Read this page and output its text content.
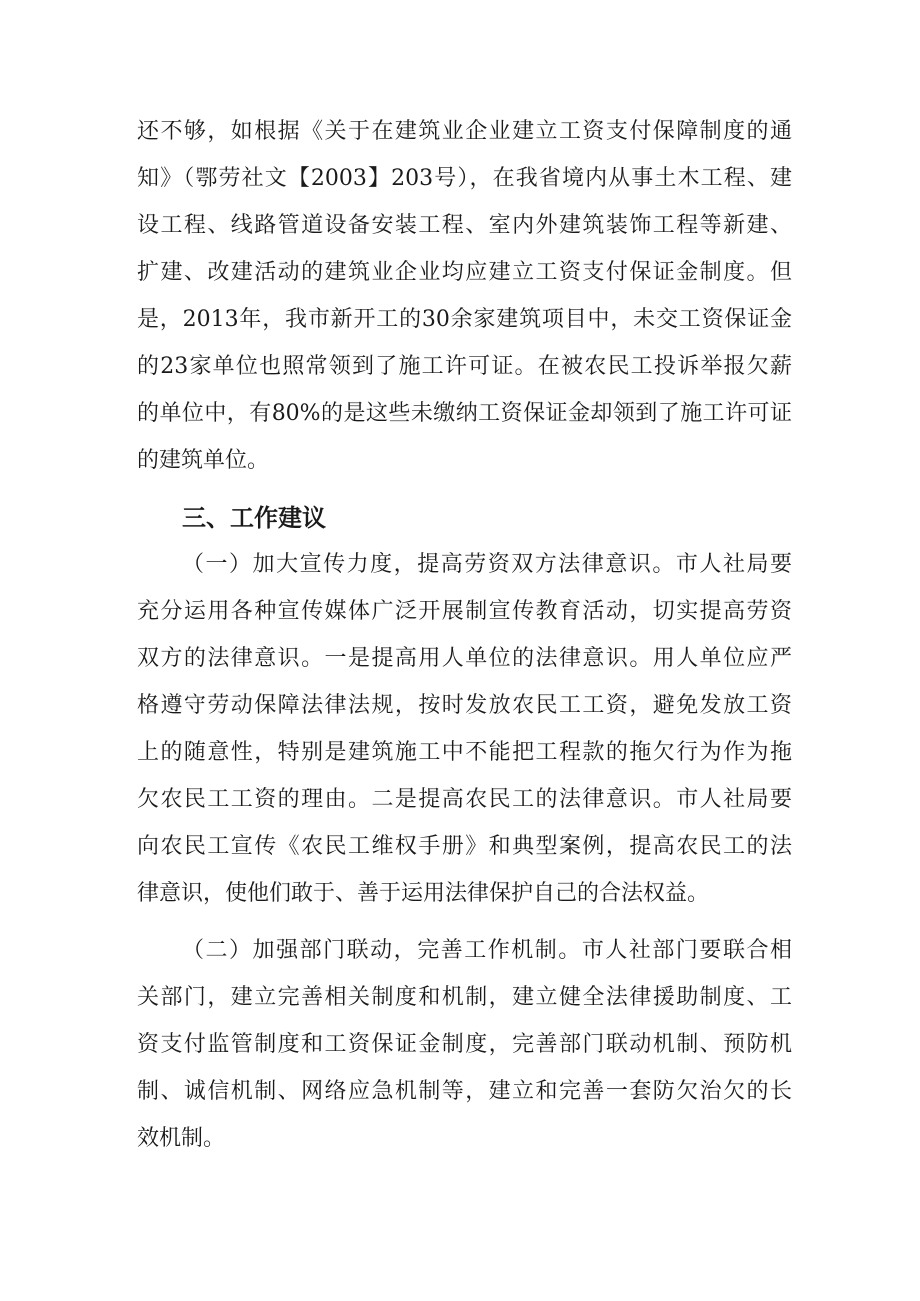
还不够，如根据《关于在建筑业企业建立工资支付保障制度的通
知》（鄂劳社文【2003】203号），在我省境内从事土木工程、建
设工程、线路管道设备安装工程、室内外建筑装饰工程等新建、
扩建、改建活动的建筑业企业均应建立工资支付保证金制度。但
是，2013年，我市新开工的30余家建筑项目中，未交工资保证金
的23家单位也照常领到了施工许可证。在被农民工投诉举报欠薪
的单位中，有80%的是这些未缴纳工资保证金却领到了施工许可证
的建筑单位。
三、工作建议
（一）加大宣传力度，提高劳资双方法律意识。市人社局要
充分运用各种宣传媒体广泛开展制宣传教育活动，切实提高劳资
双方的法律意识。一是提高用人单位的法律意识。用人单位应严
格遵守劳动保障法律法规，按时发放农民工工资，避免发放工资
上的随意性，特别是建筑施工中不能把工程款的拖欠行为作为拖
欠农民工工资的理由。二是提高农民工的法律意识。市人社局要
向农民工宣传《农民工维权手册》和典型案例，提高农民工的法
律意识，使他们敢于、善于运用法律保护自己的合法权益。
（二）加强部门联动，完善工作机制。市人社部门要联合相
关部门，建立完善相关制度和机制，建立健全法律援助制度、工
资支付监管制度和工资保证金制度，完善部门联动机制、预防机
制、诚信机制、网络应急机制等，建立和完善一套防欠治欠的长
效机制。
